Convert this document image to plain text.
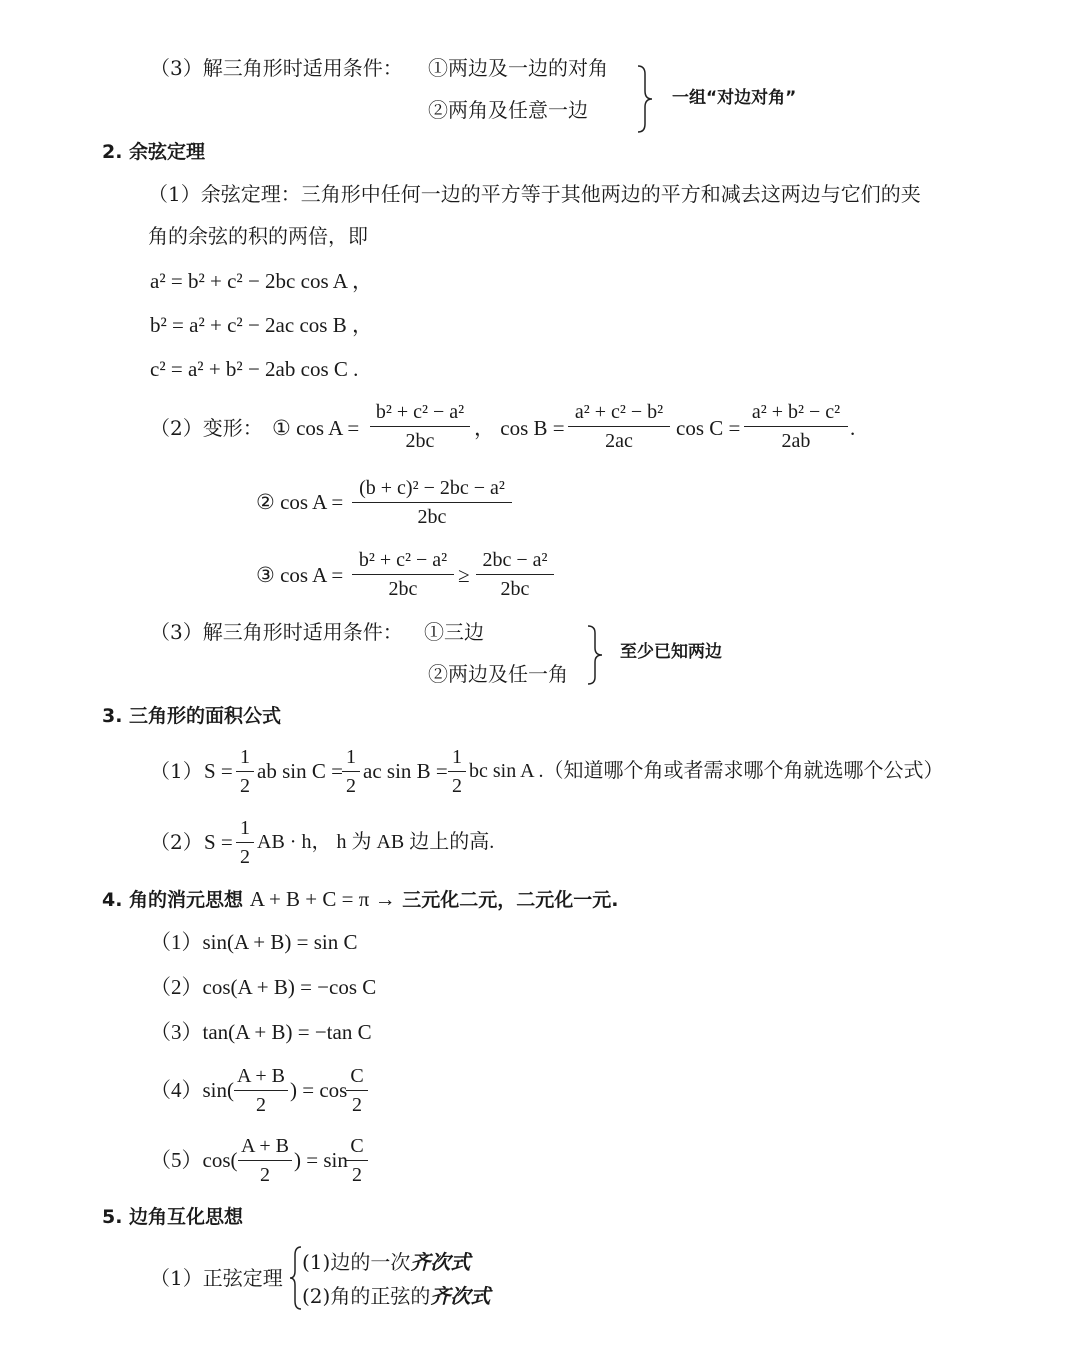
（3）解三角形时适用条件： ①两边及一边的对角
②两角及任意一边	一组“对边对角”
2. 余弦定理
（1）余弦定理：三角形中任何一边的平方等于其他两边的平方和减去这两边与它们的夹
角的余弦的积的两倍，即
a² = b² + c² − 2bc cos A ，
b² = a² + c² − 2ac cos B ，
c² = a² + b² − 2ab cos C .
（2）变形： ① $\cos A = \frac{\text{b² + c² − a²}}{2bc}$ ， $\cos B = \frac{\text{a² + c² − b²}}{2ac}$ $\cos C = \frac{\text{a² + b² − c²}}{2ab}$ .
② $\cos A = \frac{\text{(b + c)² − 2bc − a²}}{2bc}$
③ $\cos A = \frac{\text{b² + c² − a²}}{2bc} \ge \frac{\text{2bc − a²}}{2bc}$
（3）解三角形时适用条件： ①三边
②两边及任一角
至少已知两边
3. 三角形的面积公式
（1） $S = \frac{1}{2}$ ab $\sin C = \frac{1}{2}$ ac $\sin B = \frac{1}{2}$ bc sin A .（知道哪个角或者需求哪个角就选哪个公式）
（2） $S = \frac{1}{2}$ AB · h， h 为 AB 边上的高.
4. 角的消元思想 A + B + C = π → 三元化二元，二元化一元.
（1）sin(A + B) = sin C
（2）cos(A + B) = −cos C
（3）tan(A + B) = −tan C
$(4)\sin( \frac{A + B}{2}$ ) = cos
$\frac{C}{2}$
$(5)\cos( \frac{A + B}{2}$ ) = sin
$\frac{C}{2}$
5. 边角互化思想
（1）正弦定理
(1)边的一次齐次式
(2)角的正弦的齐次式
